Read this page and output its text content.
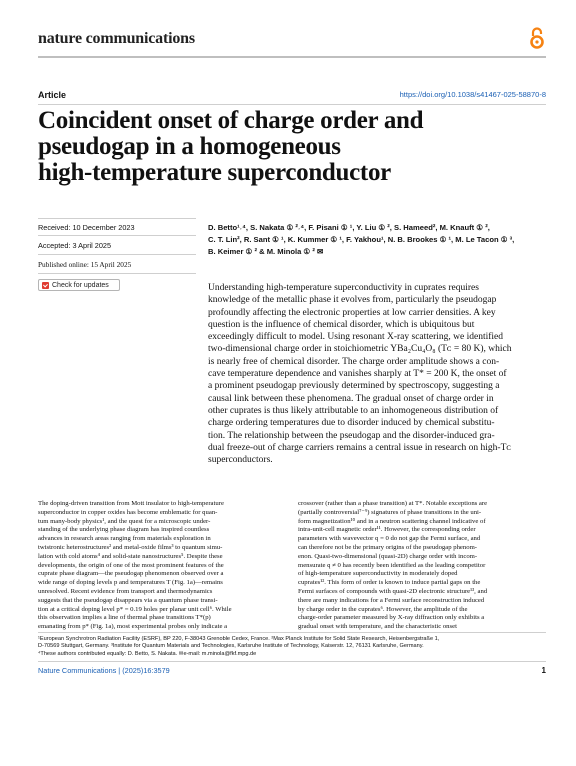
nature communications
Article	https://doi.org/10.1038/s41467-025-58870-8
Coincident onset of charge order and
pseudogap in a homogeneous
high-temperature superconductor
Received: 10 December 2023
Accepted: 3 April 2025
Published online: 15 April 2025
Check for updates
D. Betto¹˒⁴, S. Nakata ① ²˒⁴, F. Pisani ① ¹, Y. Liu ① ², S. Hameed², M. Knauft ① ²,
C. T. Lin², R. Sant ① ¹, K. Kummer ① ¹, F. Yakhou¹, N. B. Brookes ① ¹, M. Le Tacon ① ³,
B. Keimer ① ² & M. Minola ① ² ✉
Understanding high-temperature superconductivity in cuprates requires
knowledge of the metallic phase it evolves from, particularly the pseudogap
profoundly affecting the electronic properties at low carrier densities. A key
question is the influence of chemical disorder, which is ubiquitous but
exceedingly difficult to model. Using resonant X-ray scattering, we identified
two-dimensional charge order in stoichiometric YBa₂Cu₄O₈ (Tᴄ = 80 K), which
is nearly free of chemical disorder. The charge order amplitude shows a con-
cave temperature dependence and vanishes sharply at T* = 200 K, the onset of
a prominent pseudogap previously determined by spectroscopy, suggesting a
causal link between these phenomena. The gradual onset of charge order in
other cuprates is thus likely attributable to an inhomogeneous distribution of
charge ordering temperatures due to disorder induced by chemical substitu-
tion. The relationship between the pseudogap and the disorder-induced gra-
dual freeze-out of charge carriers remains a central issue in research on high-Tᴄ
superconductors.
The doping-driven transition from Mott insulator to high-temperature
superconductor in copper oxides has become emblematic for quan-
tum many-body physics¹, and the quest for a microscopic under-
standing of the underlying phase diagram has inspired countless
advances in research areas ranging from materials exploration in
twistronic heterostructures² and metal-oxide films³ to quantum simu-
lation with cold atoms⁴ and solid-state nanostructures⁵. Despite these
developments, the origin of one of the most prominent features of the
cuprate phase diagram—the pseudogap phenomenon observed over a
wide range of doping levels p and temperatures T (Fig. 1a)—remains
unresolved. Recent evidence from transport and thermodynamics
suggests that the pseudogap disappears via a quantum phase transi-
tion at a critical doping level p* = 0.19 holes per planar unit cell⁶. While
this observation implies a line of thermal phase transitions T*(p)
emanating from p* (Fig. 1a), most experimental probes only indicate a
crossover (rather than a phase transition) at T*. Notable exceptions are
(partially controversial⁷⁻⁹) signatures of phase transitions in the uni-
form magnetization¹⁰ and in a neutron scattering channel indicative of
intra-unit-cell magnetic order¹¹. However, the corresponding order
parameters with wavevector q = 0 do not gap the Fermi surface, and
can therefore not be the primary origins of the pseudogap phenom-
enon. Quasi-two-dimensional (quasi-2D) charge order with incom-
mensurate q ≠ 0 has recently been identified as the leading competitor
of high-temperature superconductivity in moderately doped
cuprates¹². This form of order is known to induce partial gaps on the
Fermi surfaces of compounds with quasi-2D electronic structure¹³, and
there are many indications for a Fermi surface reconstruction induced
by charge order in the cuprates⁶. However, the amplitude of the
charge-order parameter measured by X-ray diffraction only exhibits a
gradual onset with temperature, and the characteristic onset
¹European Synchrotron Radiation Facility (ESRF), BP 220, F-38043 Grenoble Cedex, France. ²Max Planck Institute for Solid State Research, Heisenbergstraße 1,
D-70569 Stuttgart, Germany. ³Institute for Quantum Materials and Technologies, Karlsruhe Institute of Technology, Kaiserstr. 12, 76131 Karlsruhe, Germany.
⁴These authors contributed equally: D. Betto, S. Nakata. ✉e-mail: m.minola@fkf.mpg.de
Nature Communications | (2025)16:3579	1
